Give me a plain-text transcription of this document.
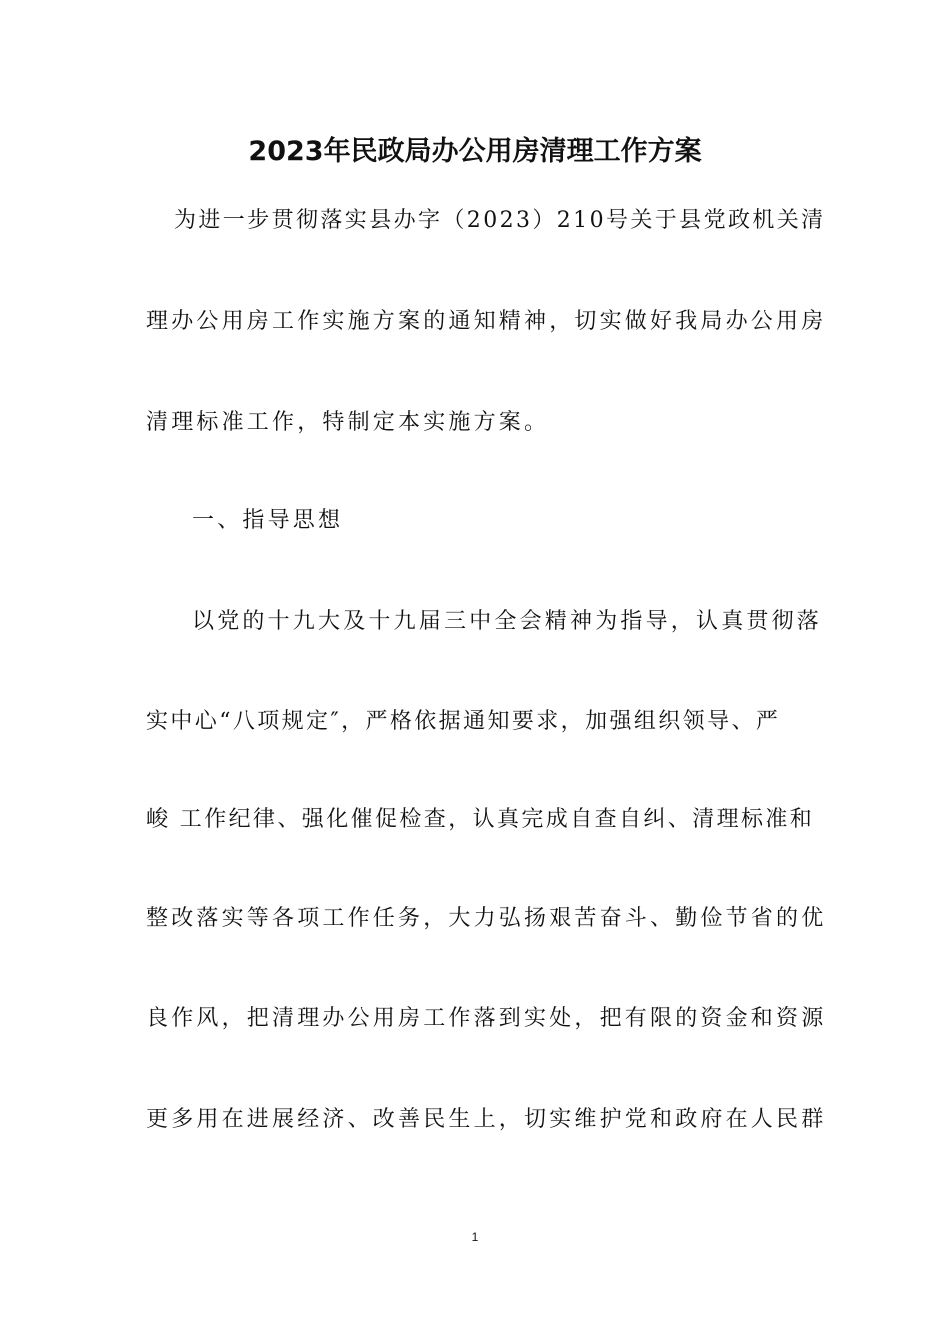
2023年民政局办公用房清理工作方案
为进一步贯彻落实县办字（2023）210号关于县党政机关清
理办公用房工作实施方案的通知精神，切实做好我局办公用房
清理标准工作，特制定本实施方案。
一、指导思想
以党的十九大及十九届三中全会精神为指导，认真贯彻落
实中心“八项规定″，严格依据通知要求，加强组织领导、严
峻 工作纪律、强化催促检查，认真完成自查自纠、清理标准和
整改落实等各项工作任务，大力弘扬艰苦奋斗、勤俭节省的优
良作风，把清理办公用房工作落到实处，把有限的资金和资源
更多用在进展经济、改善民生上，切实维护党和政府在人民群
1
